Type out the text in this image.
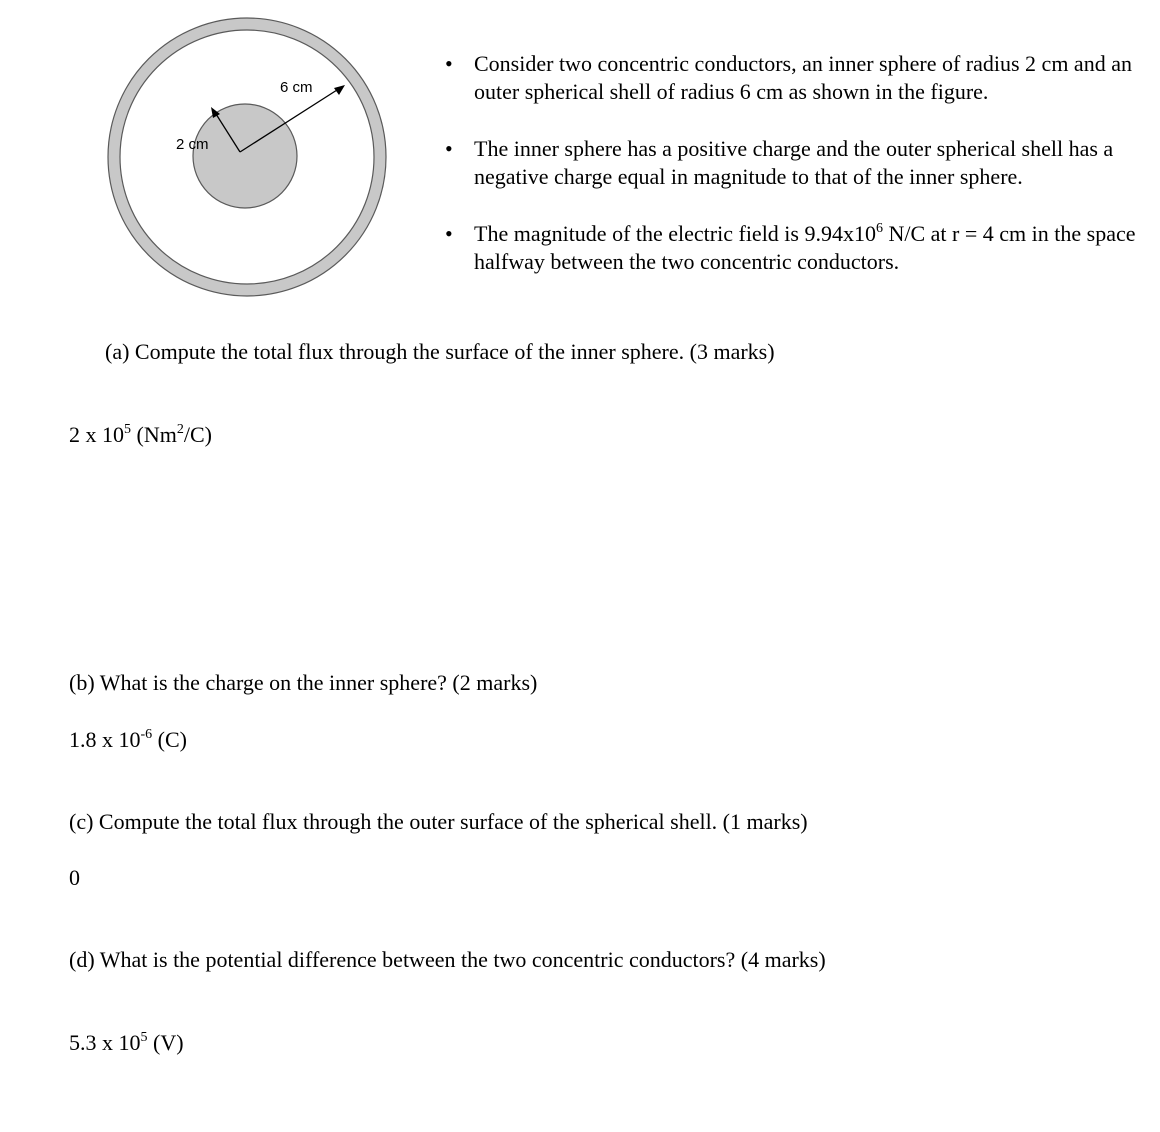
6 cm
2 cm
• Consider two concentric conductors, an inner sphere of radius 2 cm and an outer spherical shell of radius 6 cm as shown in the figure.
• The inner sphere has a positive charge and the outer spherical shell has a negative charge equal in magnitude to that of the inner sphere.
• The magnitude of the electric field is $9.94x10^6$ N/C at r = 4 cm in the space halfway between the two concentric conductors.
(a) Compute the total flux through the surface of the inner sphere. (3 marks)
2 x $10^5$ (Nm$^2$/C)
(b) What is the charge on the inner sphere? (2 marks)
1.8 x $10^{-6}$ (C)
(c) Compute the total flux through the outer surface of the spherical shell. (1 marks)
0
(d) What is the potential difference between the two concentric conductors? (4 marks)
5.3 x $10^5$ (V)
